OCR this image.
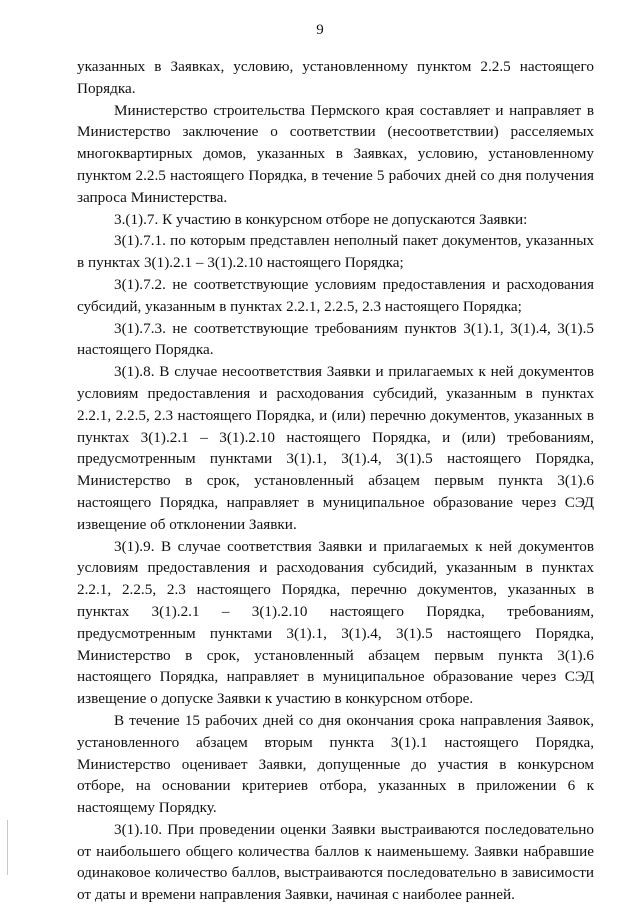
9

указанных в Заявках, условию, установленному пунктом 2.2.5 настоящего Порядка.

Министерство строительства Пермского края составляет и направляет в Министерство заключение о соответствии (несоответствии) расселяемых многоквартирных домов, указанных в Заявках, условию, установленному пунктом 2.2.5 настоящего Порядка, в течение 5 рабочих дней со дня получения запроса Министерства.

3.(1).7. К участию в конкурсном отборе не допускаются Заявки:

3(1).7.1. по которым представлен неполный пакет документов, указанных в пунктах 3(1).2.1 – 3(1).2.10 настоящего Порядка;

3(1).7.2. не соответствующие условиям предоставления и расходования субсидий, указанным в пунктах 2.2.1, 2.2.5, 2.3 настоящего Порядка;

3(1).7.3. не соответствующие требованиям пунктов 3(1).1, 3(1).4, 3(1).5 настоящего Порядка.

3(1).8. В случае несоответствия Заявки и прилагаемых к ней документов условиям предоставления и расходования субсидий, указанным в пунктах 2.2.1, 2.2.5, 2.3 настоящего Порядка, и (или) перечню документов, указанных в пунктах 3(1).2.1 – 3(1).2.10 настоящего Порядка, и (или) требованиям, предусмотренным пунктами 3(1).1, 3(1).4, 3(1).5 настоящего Порядка, Министерство в срок, установленный абзацем первым пункта 3(1).6 настоящего Порядка, направляет в муниципальное образование через СЭД извещение об отклонении Заявки.

3(1).9. В случае соответствия Заявки и прилагаемых к ней документов условиям предоставления и расходования субсидий, указанным в пунктах 2.2.1, 2.2.5, 2.3 настоящего Порядка, перечню документов, указанных в пунктах 3(1).2.1 – 3(1).2.10 настоящего Порядка, требованиям, предусмотренным пунктами 3(1).1, 3(1).4, 3(1).5 настоящего Порядка, Министерство в срок, установленный абзацем первым пункта 3(1).6 настоящего Порядка, направляет в муниципальное образование через СЭД извещение о допуске Заявки к участию в конкурсном отборе.

В течение 15 рабочих дней со дня окончания срока направления Заявок, установленного абзацем вторым пункта 3(1).1 настоящего Порядка, Министерство оценивает Заявки, допущенные до участия в конкурсном отборе, на основании критериев отбора, указанных в приложении 6 к настоящему Порядку.

3(1).10. При проведении оценки Заявки выстраиваются последовательно от наибольшего общего количества баллов к наименьшему. Заявки набравшие одинаковое количество баллов, выстраиваются последовательно в зависимости от даты и времени направления Заявки, начиная с наиболее ранней.
